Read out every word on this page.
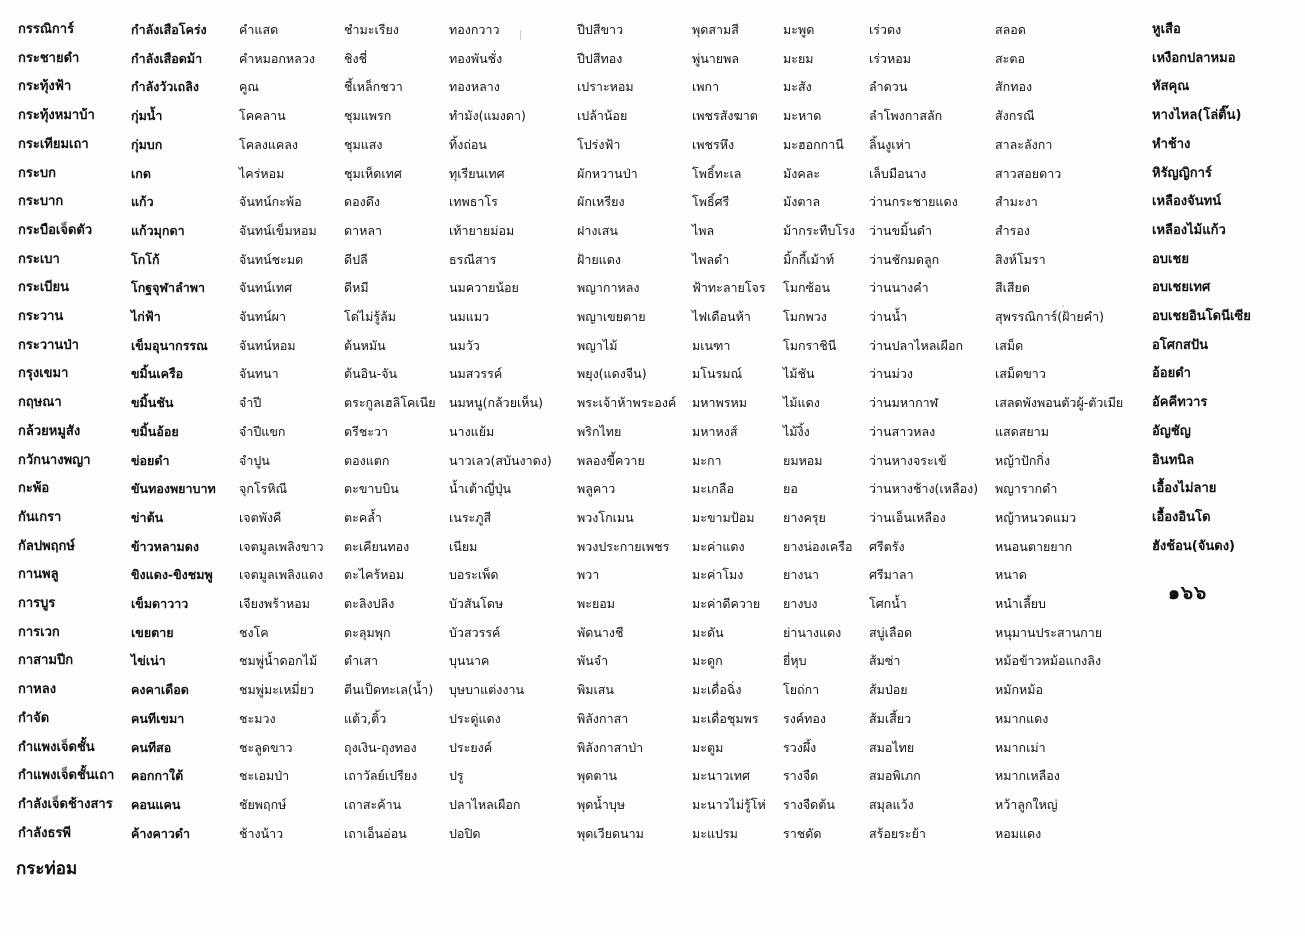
กรรณิการ์
กระชายดำ
กระทุ้งฟ้า
กระทุ้งหมาบ้า
กระเทียมเถา
กระบก
กระบาก
กระบือเจ็ดตัว
กระเบา
กระเบียน
กระวาน
กระวานป่า
กรุงเขมา
กฤษณา
กล้วยหมูสัง
กวักนางพญา
กะพ้อ
กันเกรา
กัลปพฤกษ์
กานพลู
การบูร
การเวก
กาสามปีก
กาหลง
กำจัด
กำแพงเจ็ดชั้น
กำแพงเจ็ดชั้นเถา
กำลังเจ็ดช้างสาร
กำลังธรพี
กำลังเสือโคร่ง
กำลังเสือดม้า
กำลังวัวเถลิง
กุ่มน้ำ
กุ่มบก
เกด
แก้ว
แก้วมุกดา
โกโก้
โกฐจุฬาลำพา
ไก่ฟ้า
เข็มอุนากรรณ
ขมิ้นเครือ
ขมิ้นชัน
ขมิ้นอ้อย
ข่อยดำ
ขันทองพยาบาท
ข่าต้น
ข้าวหลามดง
ขิงแดง-ขิงชมพู
เข็มดาวาว
เขยตาย
ไข่เน่า
คงคาเดือด
คนทีเขมา
คนทีสอ
คอกกาใต้
คอนแคน
ค้างคาวดำ
คำแสด
คำหมอกหลวง
คูณ
โคคลาน
โคลงแคลง
ไคร่หอม
จันทน์กะพ้อ
จันทน์เข็มหอม
จันทน์ชะมด
จันทน์เทศ
จันทน์ผา
จันทน์หอม
จันทนา
จำปี
จำปีแขก
จำปูน
จุกโรหิณี
เจตพังคี
เจตมูลเพลิงขาว
เจตมูลเพลิงแดง
เจียงพร้าหอม
ชงโค
ชมพู่น้ำดอกไม้
ชมพู่มะเหมี่ยว
ชะมวง
ชะลูดขาว
ชะเอมป่า
ชัยพฤกษ์
ช้างน้าว
ชำมะเรียง
ชิงชี่
ชี้เหล็กชวา
ชุมแพรก
ชุมแสง
ชุมเห็ดเทศ
ดองดึง
ดาหลา
ดีปลี
ดีหมี
โด่ไม่รู้ล้ม
ต้นหมัน
ต้นอิน-จัน
ตระกูลเฮลิโคเนีย
ตรีชะวา
ตองแตก
ตะขาบบิน
ตะคล้ำ
ตะเคียนทอง
ตะไคร้หอม
ตะลิงปลิง
ตะลุมพุก
ตำเสา
ตีนเป็ดทะเล(น้ำ)
แต้ว,ติ้ว
ถุงเงิน-ถุงทอง
เถาวัลย์เปรียง
เถาสะค้าน
เถาเอ็นอ่อน
ทองกวาว
ทองพันชั่ง
ทองหลาง
ทำมัง(แมงดา)
ทิ้งถ่อน
ทุเรียนเทศ
เทพธาโร
เท้ายายม่อม
ธรณีสาร
นมควายน้อย
นมแมว
นมวัว
นมสวรรค์
นมหนู(กล้วยเห็น)
นางแย้ม
นาวเลว(สบันงาดง)
น้ำเต้าญี่ปุ่น
เนระภูสี
เนียม
บอระเพ็ด
บัวสันโดษ
บัวสวรรค์
บุนนาค
บุษบาแต่งงาน
ประดู่แดง
ประยงค์
ปรู
ปลาไหลเผือก
ปอปิด
ปีปสีขาว
ปีปสีทอง
เปราะหอม
เปล้าน้อย
โปร่งฟ้า
ผักหวานป่า
ผักเหรียง
ฝางเสน
ฝ้ายแดง
พญากาหลง
พญาเขยตาย
พญาไม้
พยุง(แดงจีน)
พระเจ้าห้าพระองค์
พริกไทย
พลองขี้ควาย
พลูคาว
พวงโกเมน
พวงประกายเพชร
พวา
พะยอม
พัดนางชี
พันจำ
พิมเสน
พิลังกาสา
พิลังกาสาป่า
พุดตาน
พุดน้ำบุษ
พุดเวียดนาม
พุดสามสี
พู่นายพล
เพกา
เพชรสังฆาต
เพชรหึง
โพธิ์ทะเล
โพธิ์ศรี
ไพล
ไพลดำ
ฟ้าทะลายโจร
ไฟเดือนห้า
มเนฑา
มโนรมณ์
มหาพรหม
มหาหงส์
มะกา
มะเกลือ
มะขามป้อม
มะค่าแดง
มะค่าโมง
มะค่าดีควาย
มะดัน
มะดูก
มะเดื่อฉิ่ง
มะเดื่อชุมพร
มะตูม
มะนาวเทศ
มะนาวไม่รู้โห่
มะแปรม
มะพูด
มะยม
มะสัง
มะหาด
มะฮอกกานี
มังคละ
มังตาล
ม้ากระทืบโรง
มิ้กกี้เม้าท์
โมกซ้อน
โมกพวง
โมกราชินี
ไม้ชัน
ไม้แดง
ไม้งิ้ง
ยมหอม
ยอ
ยางครุย
ยางน่องเครือ
ยางนา
ยางบง
ย่านางแดง
ยี่หุบ
โยถ่กา
รงค์ทอง
รวงผึ้ง
รางจืด
รางจืดต้น
ราชดัด
เร่วดง
เร่วหอม
ลำดวน
ลำโพงกาสลัก
ลิ้นงูเห่า
เล็บมือนาง
ว่านกระชายแดง
ว่านขมิ้นดำ
ว่านชักมดลูก
ว่านนางคำ
ว่านน้ำ
ว่านปลาไหลเผือก
ว่านม่วง
ว่านมหากาฬ
ว่านสาวหลง
ว่านหางจระเข้
ว่านหางช้าง(เหลือง)
ว่านเอ็นเหลือง
ศรีตรัง
ศรีมาลา
โศกน้ำ
สบู่เลือด
ส้มซ่า
ส้มป่อย
ส้มเสี้ยว
สมอไทย
สมอพิเภก
สมุลแว้ง
สร้อยระย้า
สลอด
สะตอ
สักทอง
สังกรณี
สาละลังกา
สาวสอยดาว
สำมะงา
สำรอง
สิงห์โมรา
สีเสียด
สุพรรณิการ์(ฝ้ายคำ)
เสม็ด
เสม็ดขาว
เสลดพังพอนตัวผู้-ตัวเมีย
แสดสยาม
หญ้าปักกิ่ง
พญารากดำ
หญ้าหนวดแมว
หนอนตายยาก
หนาด
หนำเลี้ยบ
หนุมานประสานกาย
หม้อข้าวหม้อแกงลิง
หมักหม้อ
หมากแดง
หมากเม่า
หมากเหลือง
หว้าลูกใหญ่
หอมแดง
หูเสือ
เหงือกปลาหมอ
หัสคุณ
หางไหล(โล่ติ๊น)
หำช้าง
หิรัญญิการ์
เหลืองจันทน์
เหลืองไม้แก้ว
อบเชย
อบเชยเทศ
อบเชยอินโดนีเซีย
อโศกสปัน
อ้อยดำ
อัคคีทวาร
อัญชัญ
อินทนิล
เอื้องไม่ลาย
เอื้องอินโด
ฮังช้อน(จันดง)
๑๖๖
กระท่อม
